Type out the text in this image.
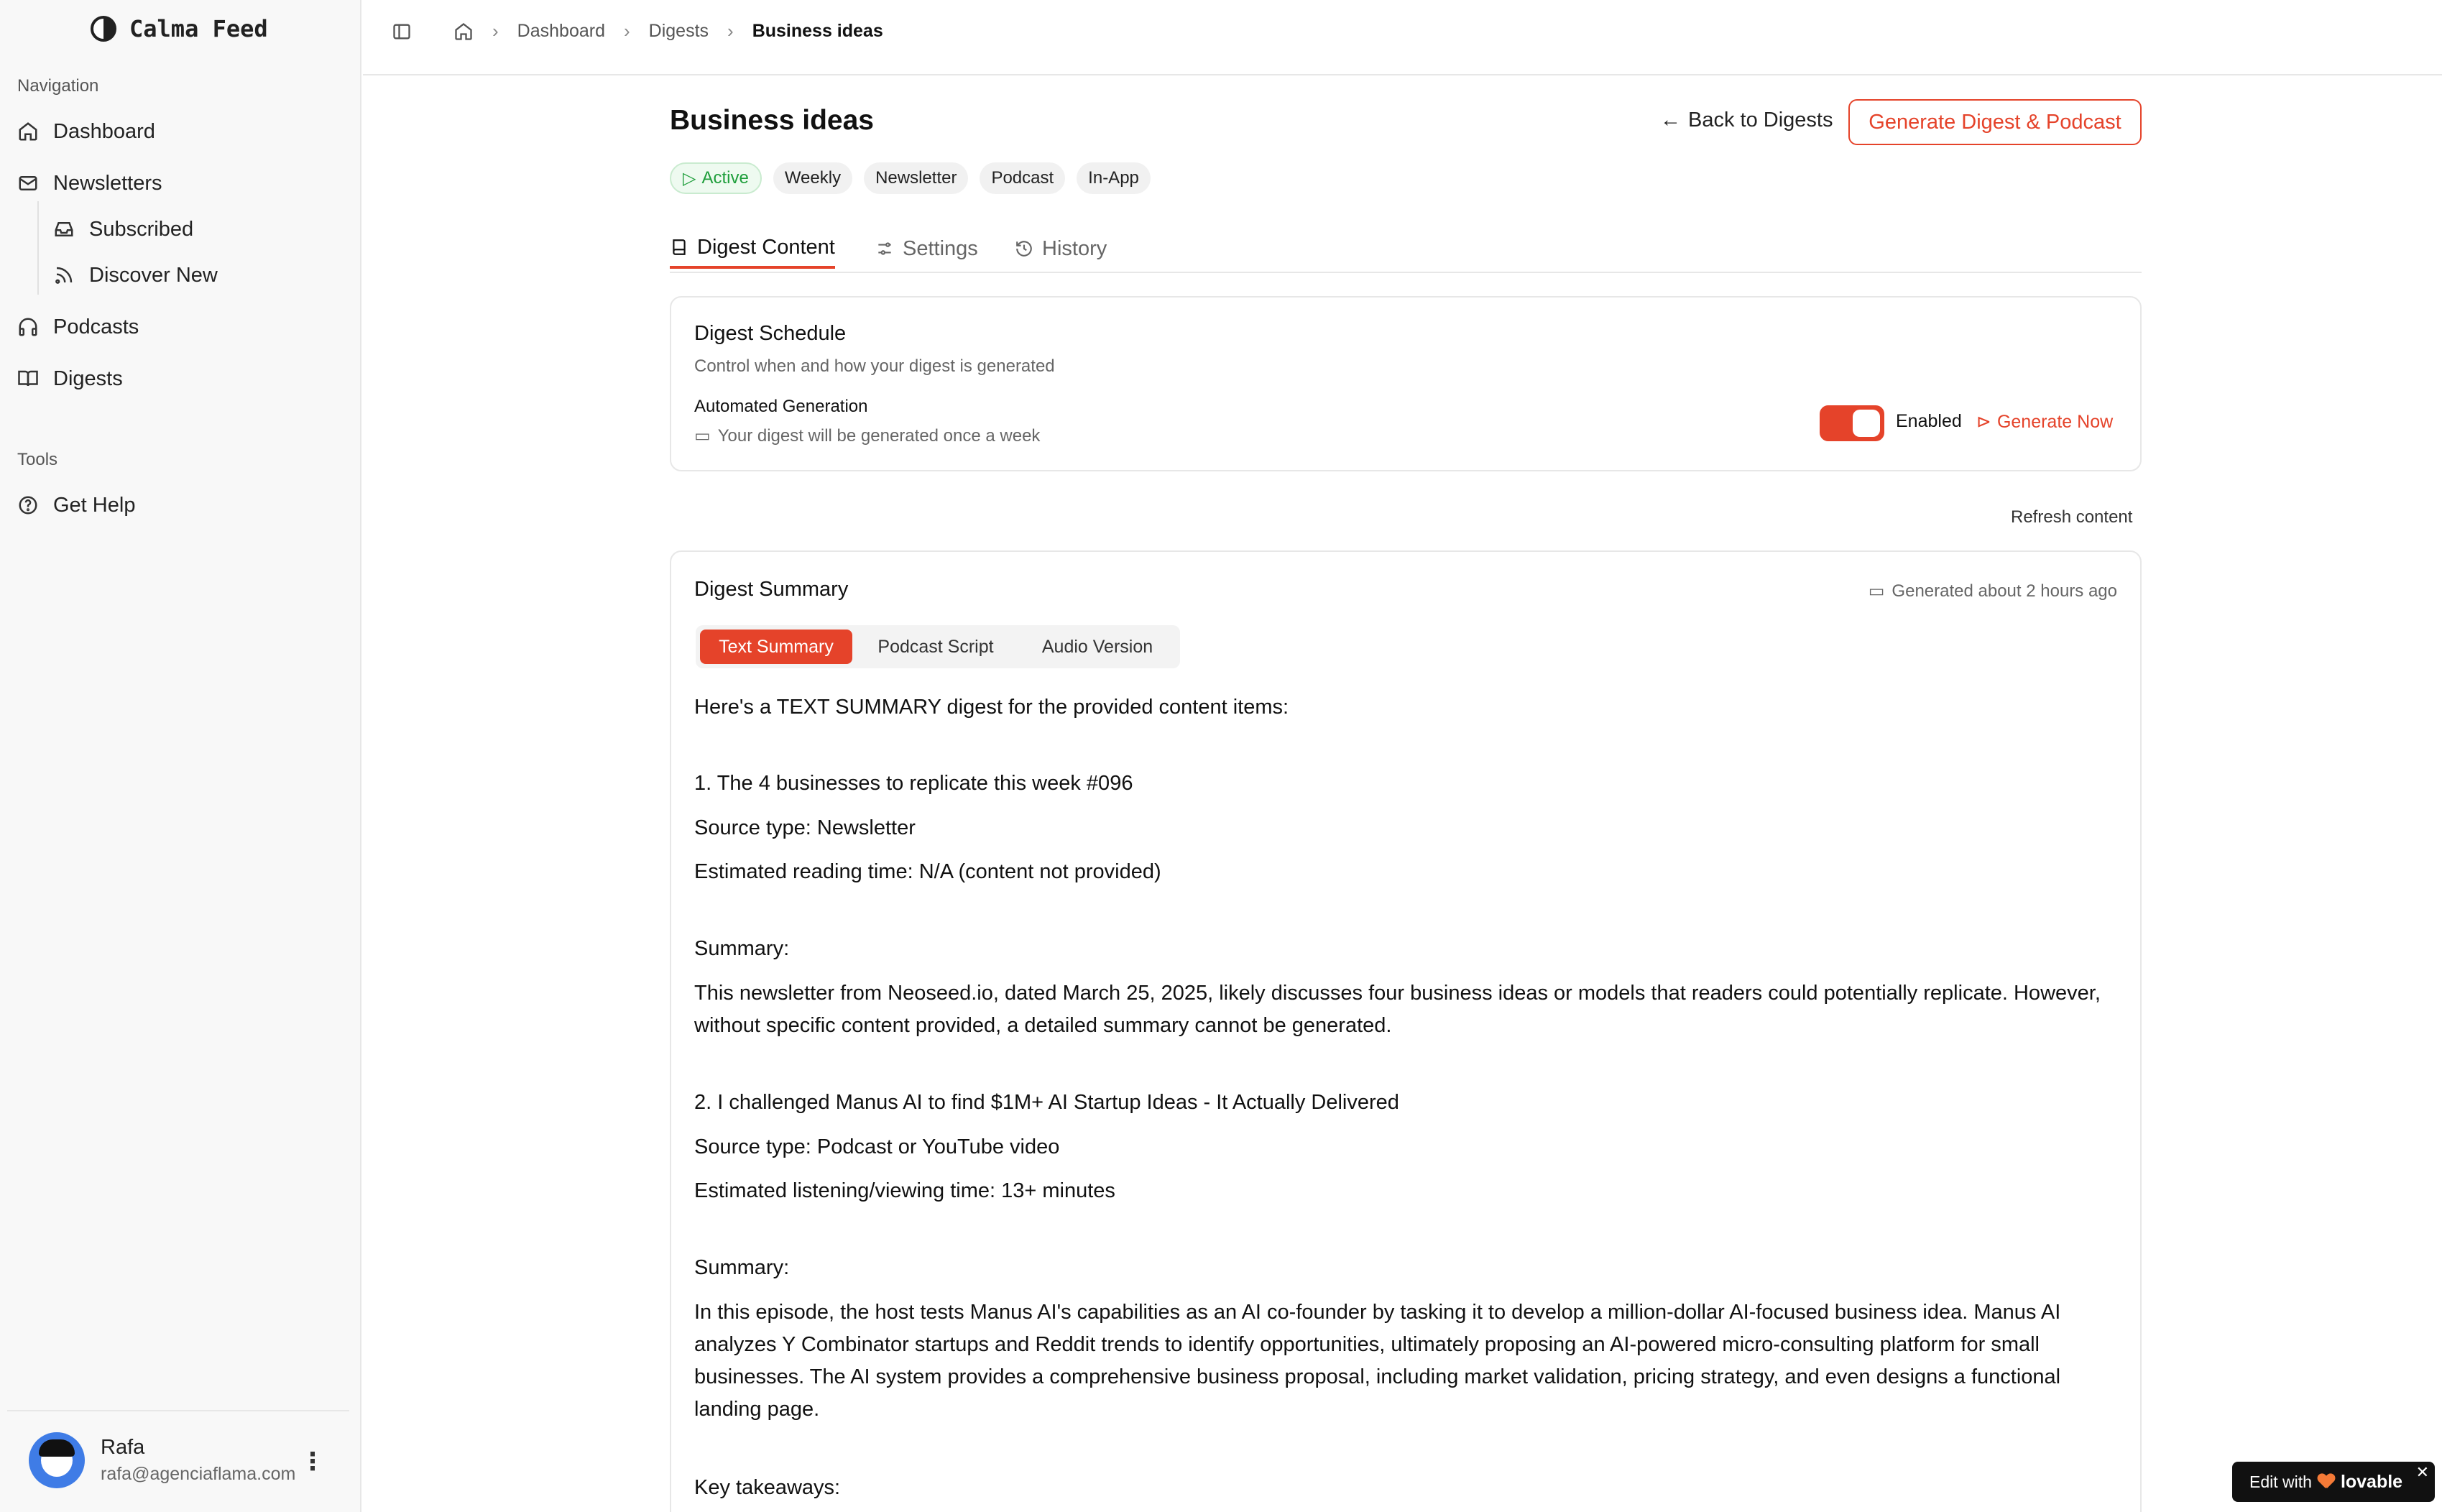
Calma Feed
Navigation
Dashboard
Newsletters
Subscribed
Discover New
Podcasts
Digests
Tools
Get Help
Rafa
rafa@agenciaflama.com ⋮
› Dashboard › Digests › Business ideas
Business ideas	← Back to Digests	Generate Digest & Podcast
▷ Active	Weekly	Newsletter	Podcast	In-App
Digest Content	Settings	History
Digest Schedule
Control when and how your digest is generated
Automated Generation
▭ Your digest will be generated once a week
Enabled ⊳ Generate Now
Refresh content
Digest Summary	▭ Generated about 2 hours ago
Text Summary	Podcast Script	Audio Version
Here's a TEXT SUMMARY digest for the provided content items:
1. The 4 businesses to replicate this week #096
Source type: Newsletter
Estimated reading time: N/A (content not provided)
Summary:
This newsletter from Neoseed.io, dated March 25, 2025, likely discusses four business ideas or models that readers could potentially replicate. However, without specific content provided, a detailed summary cannot be generated.
2. I challenged Manus AI to find $1M+ AI Startup Ideas - It Actually Delivered
Source type: Podcast or YouTube video
Estimated listening/viewing time: 13+ minutes
Summary:
In this episode, the host tests Manus AI's capabilities as an AI co-founder by tasking it to develop a million-dollar AI-focused business idea. Manus AI analyzes Y Combinator startups and Reddit trends to identify opportunities, ultimately proposing an AI-powered micro-consulting platform for small businesses. The AI system provides a comprehensive business proposal, including market validation, pricing strategy, and even designs a functional landing page.
Key takeaways:	Edit with lovable ✕
